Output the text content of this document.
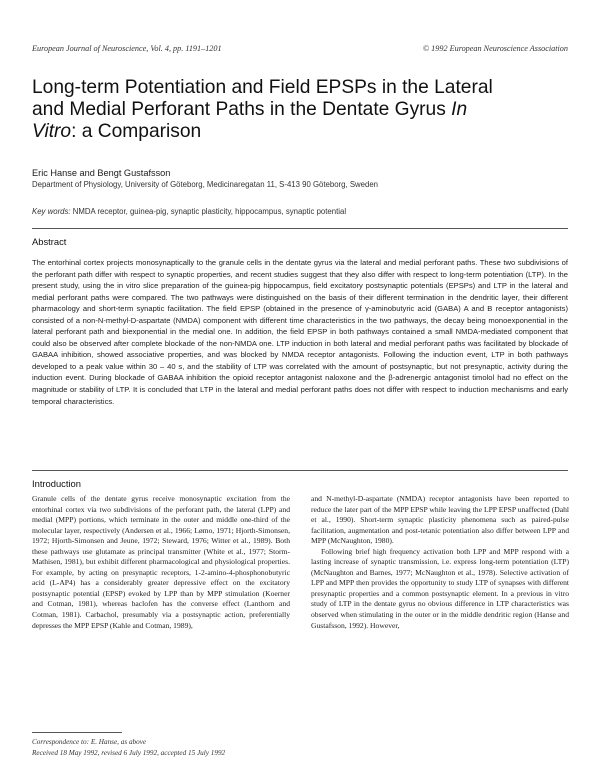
European Journal of Neuroscience, Vol. 4, pp. 1191–1201	© 1992 European Neuroscience Association
Long-term Potentiation and Field EPSPs in the Lateral
and Medial Perforant Paths in the Dentate Gyrus In
Vitro: a Comparison
Eric Hanse and Bengt Gustafsson
Department of Physiology, University of Göteborg, Medicinaregatan 11, S-413 90 Göteborg, Sweden
Key words: NMDA receptor, guinea-pig, synaptic plasticity, hippocampus, synaptic potential
Abstract

The entorhinal cortex projects monosynaptically to the granule cells in the dentate gyrus via the lateral and medial perforant paths. These two subdivisions of the perforant path differ with respect to synaptic properties, and recent studies suggest that they also differ with respect to long-term potentiation (LTP). In the present study, using the in vitro slice preparation of the guinea-pig hippocampus, field excitatory postsynaptic potentials (EPSPs) and LTP in the lateral and medial perforant paths were compared. The two pathways were distinguished on the basis of their different termination in the dendritic layer, their different pharmacology and short-term synaptic facilitation. The field EPSP (obtained in the presence of γ-aminobutyric acid (GABA) A and B receptor antagonists) consisted of a non-N-methyl-D-aspartate (NMDA) component with different time characteristics in the two pathways, the decay being monoexponential in the lateral perforant path and biexponential in the medial one. In addition, the field EPSP in both pathways contained a small NMDA-mediated component that could also be observed after complete blockade of the non-NMDA one. LTP induction in both lateral and medial perforant paths was facilitated by blockade of GABAA inhibition, showed associative properties, and was blocked by NMDA receptor antagonists. Following the induction event, LTP in both pathways developed to a peak value within 30 – 40 s, and the stability of LTP was correlated with the amount of postsynaptic, but not presynaptic, activity during the induction event. During blockade of GABAA inhibition the opioid receptor antagonist naloxone and the β-adrenergic antagonist timolol had no effect on the magnitude or stability of LTP. It is concluded that LTP in the lateral and medial perforant paths does not differ with respect to induction mechanisms and early temporal characteristics.

Introduction

Granule cells of the dentate gyrus receive monosynaptic excitation from the entorhinal cortex via two subdivisions of the perforant path, the lateral (LPP) and medial (MPP) portions, which terminate in the outer and middle one-third of the molecular layer, respectively (Andersen et al., 1966; Lømo, 1971; Hjorth-Simonsen, 1972; Hjorth-Simonsen and Jeune, 1972; Steward, 1976; Witter et al., 1989). Both these pathways use glutamate as principal transmitter (White et al., 1977; Storm-Mathisen, 1981), but exhibit different pharmacological and physiological properties. For example, by acting on presynaptic receptors, 1-2-amino-4-phosphonobutyric acid (L-AP4) has a considerably greater depressive effect on the excitatory postsynaptic potential (EPSP) evoked by LPP than by MPP stimulation (Koerner and Cotman, 1981), whereas baclofen has the converse effect (Lanthorn and Cotman, 1981). Carbachol, presumably via a postsynaptic action, preferentially depresses the MPP EPSP (Kahle and Cotman, 1989),

and N-methyl-D-aspartate (NMDA) receptor antagonists have been reported to reduce the later part of the MPP EPSP while leaving the LPP EPSP unaffected (Dahl et al., 1990). Short-term synaptic plasticity phenomena such as paired-pulse facilitation, augmentation and post-tetanic potentiation also differ between LPP and MPP (McNaughton, 1980).

Following brief high frequency activation both LPP and MPP respond with a lasting increase of synaptic transmission, i.e. express long-term potentiation (LTP) (McNaughton and Barnes, 1977; McNaughton et al., 1978). Selective activation of LPP and MPP then provides the opportunity to study LTP of synapses with different presynaptic properties and a common postsynaptic element. In a previous in vitro study of LTP in the dentate gyrus no obvious difference in LTP characteristics was observed when stimulating in the outer or in the middle dendritic region (Hanse and Gustafsson, 1992). However,

Correspondence to: E. Hanse, as above
Received 18 May 1992, revised 6 July 1992, accepted 15 July 1992
